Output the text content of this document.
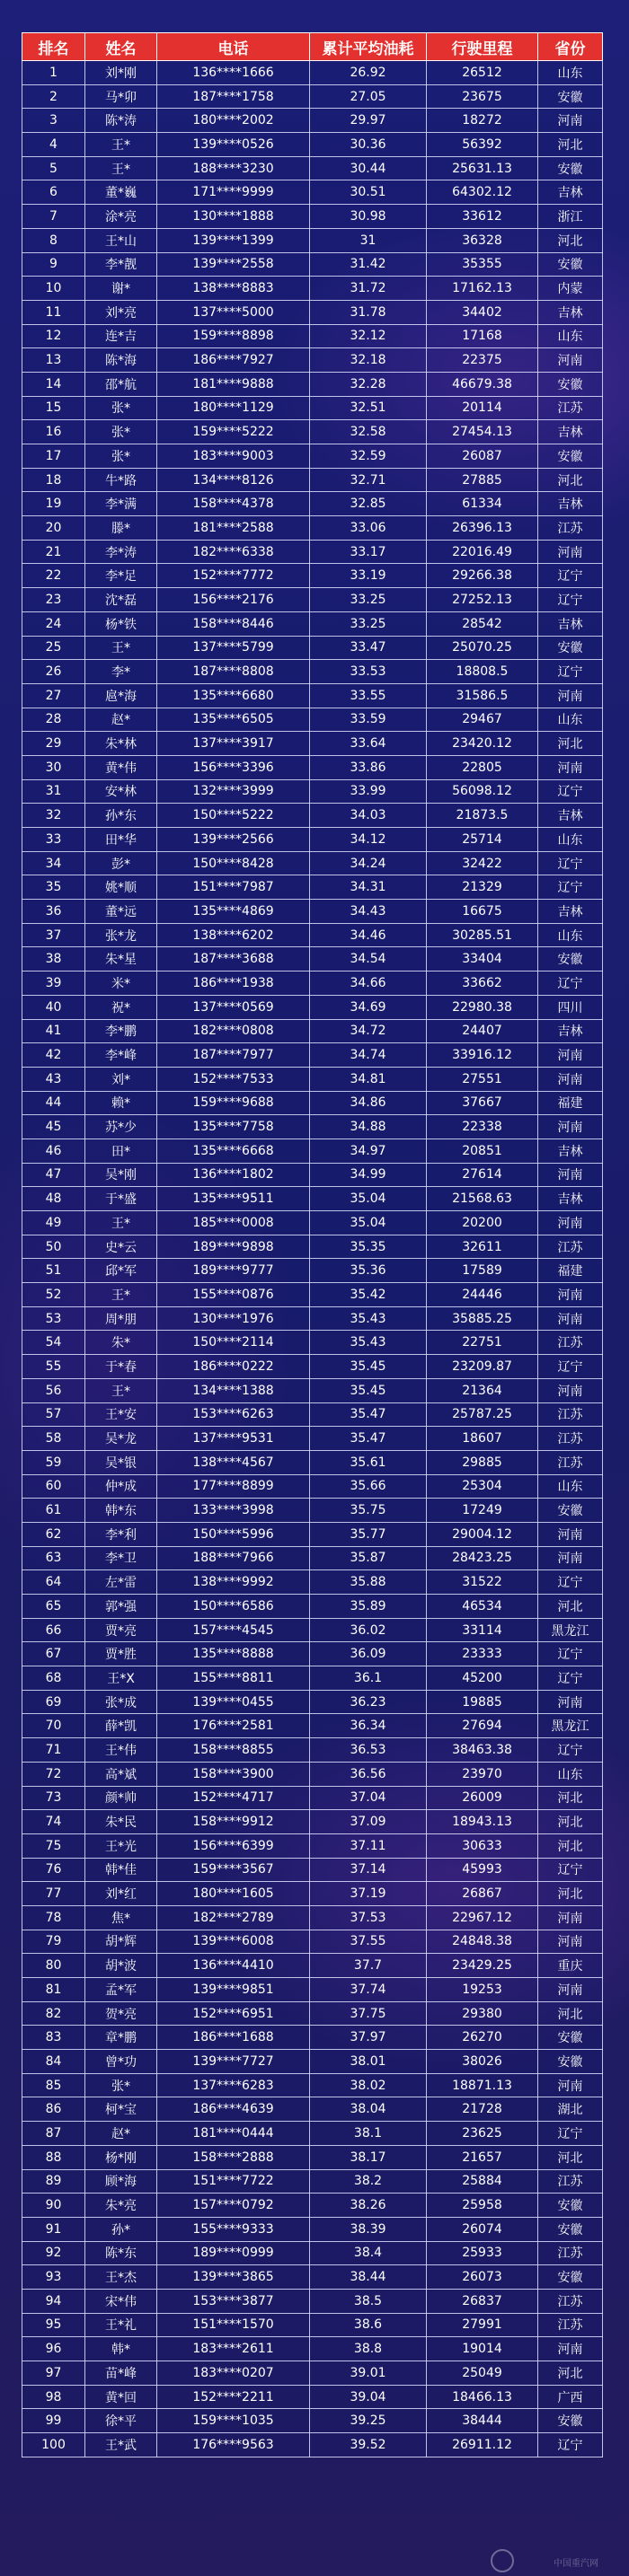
排名	姓名	电话	累计平均油耗	行驶里程	省份
1	刘*刚	136****1666	26.92	26512	山东
2	马*卯	187****1758	27.05	23675	安徽
3	陈*涛	180****2002	29.97	18272	河南
4	王*	139****0526	30.36	56392	河北
5	王*	188****3230	30.44	25631.13	安徽
6	董*巍	171****9999	30.51	64302.12	吉林
7	涂*亮	130****1888	30.98	33612	浙江
8	王*山	139****1399	31	36328	河北
9	李*靓	139****2558	31.42	35355	安徽
10	谢*	138****8883	31.72	17162.13	内蒙
11	刘*亮	137****5000	31.78	34402	吉林
12	连*吉	159****8898	32.12	17168	山东
13	陈*海	186****7927	32.18	22375	河南
14	邵*航	181****9888	32.28	46679.38	安徽
15	张*	180****1129	32.51	20114	江苏
16	张*	159****5222	32.58	27454.13	吉林
17	张*	183****9003	32.59	26087	安徽
18	牛*路	134****8126	32.71	27885	河北
19	李*满	158****4378	32.85	61334	吉林
20	滕*	181****2588	33.06	26396.13	江苏
21	李*涛	182****6338	33.17	22016.49	河南
22	李*足	152****7772	33.19	29266.38	辽宁
23	沈*磊	156****2176	33.25	27252.13	辽宁
24	杨*铁	158****8446	33.25	28542	吉林
25	王*	137****5799	33.47	25070.25	安徽
26	李*	187****8808	33.53	18808.5	辽宁
27	扈*海	135****6680	33.55	31586.5	河南
28	赵*	135****6505	33.59	29467	山东
29	朱*林	137****3917	33.64	23420.12	河北
30	黄*伟	156****3396	33.86	22805	河南
31	安*林	132****3999	33.99	56098.12	辽宁
32	孙*东	150****5222	34.03	21873.5	吉林
33	田*华	139****2566	34.12	25714	山东
34	彭*	150****8428	34.24	32422	辽宁
35	姚*顺	151****7987	34.31	21329	辽宁
36	董*远	135****4869	34.43	16675	吉林
37	张*龙	138****6202	34.46	30285.51	山东
38	朱*星	187****3688	34.54	33404	安徽
39	米*	186****1938	34.66	33662	辽宁
40	祝*	137****0569	34.69	22980.38	四川
41	李*鹏	182****0808	34.72	24407	吉林
42	李*峰	187****7977	34.74	33916.12	河南
43	刘*	152****7533	34.81	27551	河南
44	赖*	159****9688	34.86	37667	福建
45	苏*少	135****7758	34.88	22338	河南
46	田*	135****6668	34.97	20851	吉林
47	吴*刚	136****1802	34.99	27614	河南
48	于*盛	135****9511	35.04	21568.63	吉林
49	王*	185****0008	35.04	20200	河南
50	史*云	189****9898	35.35	32611	江苏
51	邱*军	189****9777	35.36	17589	福建
52	王*	155****0876	35.42	24446	河南
53	周*朋	130****1976	35.43	35885.25	河南
54	朱*	150****2114	35.43	22751	江苏
55	于*春	186****0222	35.45	23209.87	辽宁
56	王*	134****1388	35.45	21364	河南
57	王*安	153****6263	35.47	25787.25	江苏
58	吴*龙	137****9531	35.47	18607	江苏
59	吴*银	138****4567	35.61	29885	江苏
60	仲*成	177****8899	35.66	25304	山东
61	韩*东	133****3998	35.75	17249	安徽
62	李*利	150****5996	35.77	29004.12	河南
63	李*卫	188****7966	35.87	28423.25	河南
64	左*雷	138****9992	35.88	31522	辽宁
65	郭*强	150****6586	35.89	46534	河北
66	贾*亮	157****4545	36.02	33114	黑龙江
67	贾*胜	135****8888	36.09	23333	辽宁
68	王*X	155****8811	36.1	45200	辽宁
69	张*成	139****0455	36.23	19885	河南
70	薛*凯	176****2581	36.34	27694	黑龙江
71	王*伟	158****8855	36.53	38463.38	辽宁
72	高*斌	158****3900	36.56	23970	山东
73	颜*帅	152****4717	37.04	26009	河北
74	朱*民	158****9912	37.09	18943.13	河北
75	王*光	156****6399	37.11	30633	河北
76	韩*佳	159****3567	37.14	45993	辽宁
77	刘*红	180****1605	37.19	26867	河北
78	焦*	182****2789	37.53	22967.12	河南
79	胡*辉	139****6008	37.55	24848.38	河南
80	胡*波	136****4410	37.7	23429.25	重庆
81	孟*军	139****9851	37.74	19253	河南
82	贺*亮	152****6951	37.75	29380	河北
83	章*鹏	186****1688	37.97	26270	安徽
84	曾*功	139****7727	38.01	38026	安徽
85	张*	137****6283	38.02	18871.13	河南
86	柯*宝	186****4639	38.04	21728	湖北
87	赵*	181****0444	38.1	23625	辽宁
88	杨*刚	158****2888	38.17	21657	河北
89	顾*海	151****7722	38.2	25884	江苏
90	朱*亮	157****0792	38.26	25958	安徽
91	孙*	155****9333	38.39	26074	安徽
92	陈*东	189****0999	38.4	25933	江苏
93	王*杰	139****3865	38.44	26073	安徽
94	宋*伟	153****3877	38.5	26837	江苏
95	王*礼	151****1570	38.6	27991	江苏
96	韩*	183****2611	38.8	19014	河南
97	苗*峰	183****0207	39.01	25049	河北
98	黄*回	152****2211	39.04	18466.13	广西
99	徐*平	159****1035	39.25	38444	安徽
100	王*武	176****9563	39.52	26911.12	辽宁
中国重汽网
